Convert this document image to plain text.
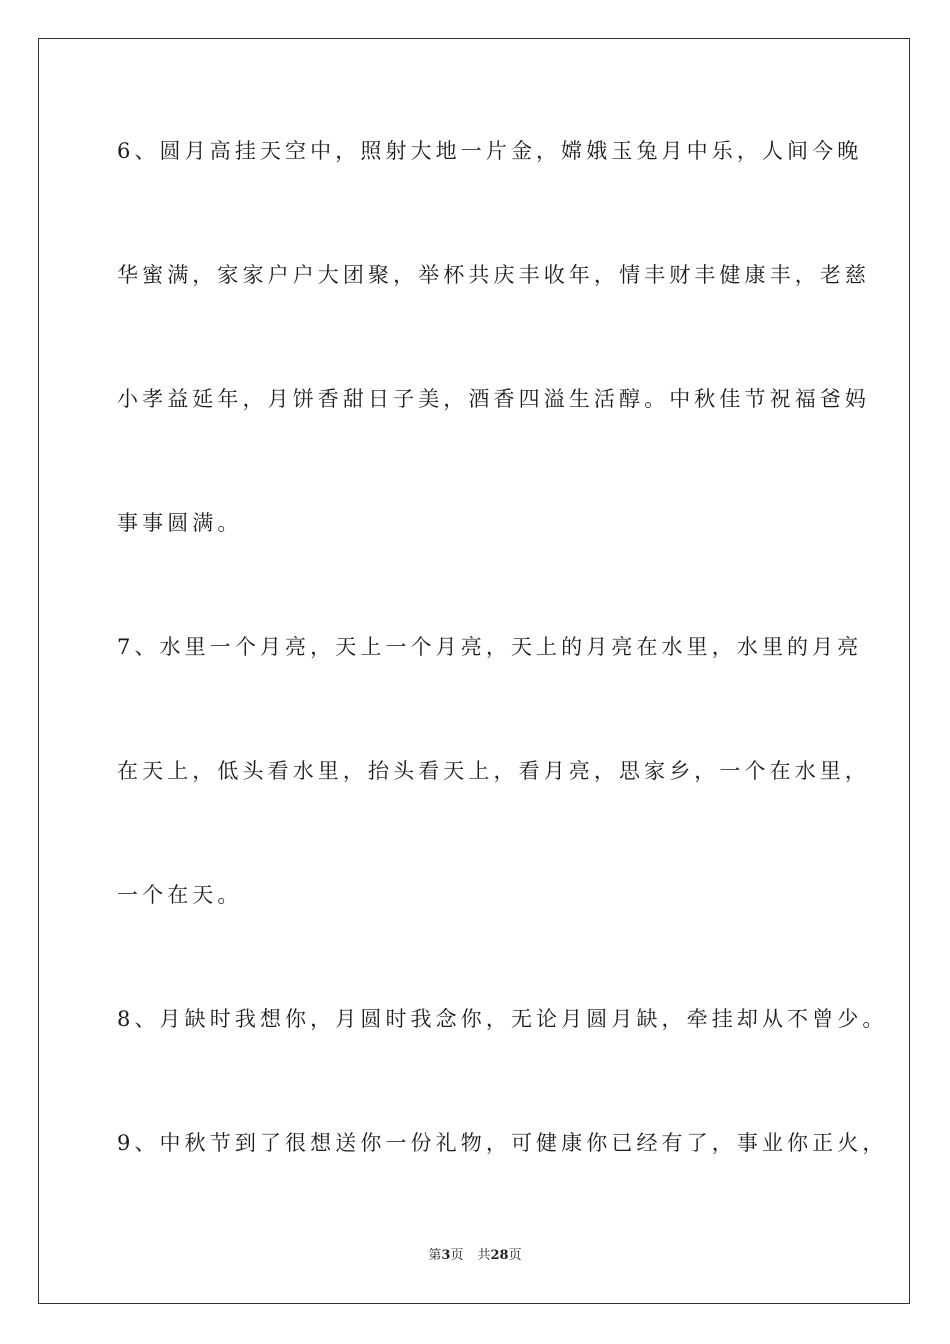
6、圆月高挂天空中，照射大地一片金，嫦娥玉兔月中乐，人间今晚
华蜜满，家家户户大团聚，举杯共庆丰收年，情丰财丰健康丰，老慈
小孝益延年，月饼香甜日子美，酒香四溢生活醇。中秋佳节祝福爸妈
事事圆满。
7、水里一个月亮，天上一个月亮，天上的月亮在水里，水里的月亮
在天上，低头看水里，抬头看天上，看月亮，思家乡，一个在水里，
一个在天。
8、月缺时我想你，月圆时我念你，无论月圆月缺，牵挂却从不曾少。
9、中秋节到了很想送你一份礼物，可健康你已经有了，事业你正火，
第3页 共28页
